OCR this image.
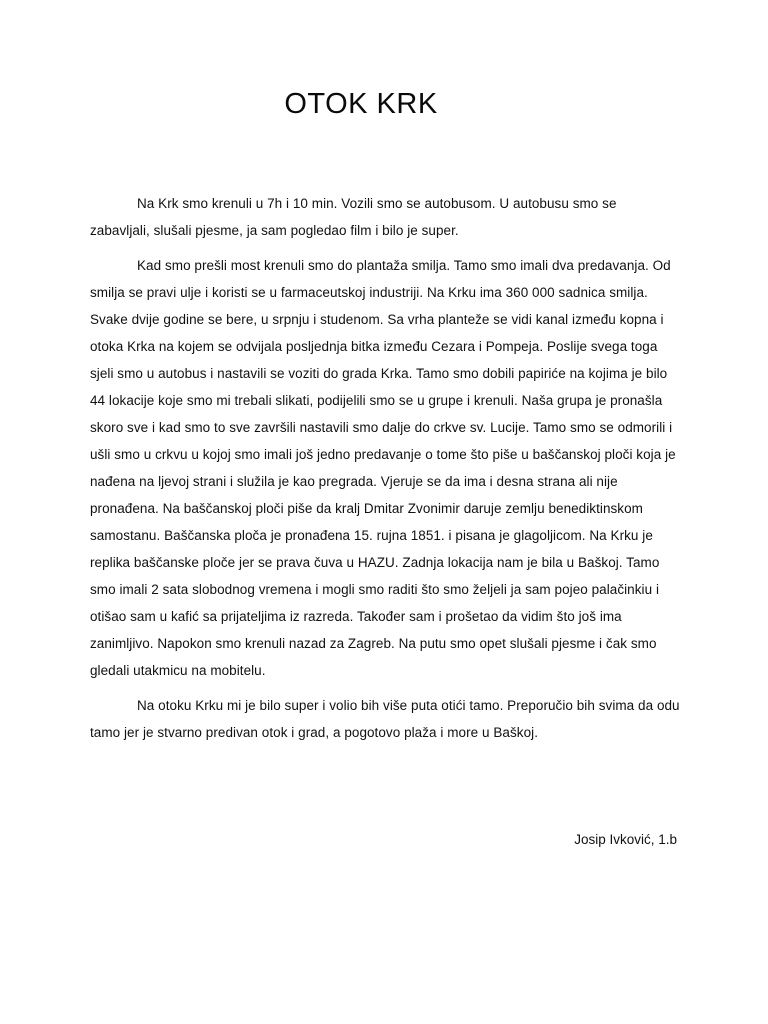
OTOK KRK

Na Krk smo krenuli u 7h i 10 min. Vozili smo se autobusom. U autobusu smo se zabavljali, slušali pjesme, ja sam pogledao film i bilo je super.

Kad smo prešli most krenuli smo do plantaža smilja. Tamo smo imali dva predavanja. Od smilja se pravi ulje i koristi se u farmaceutskoj industriji. Na Krku ima 360 000 sadnica smilja. Svake dvije godine se bere, u srpnju i studenom. Sa vrha planteže se vidi kanal između kopna i otoka Krka na kojem se odvijala posljednja bitka između Cezara i Pompeja. Poslije svega toga sjeli smo u autobus i nastavili se voziti do grada Krka. Tamo smo dobili papiriće na kojima je bilo 44 lokacije koje smo mi trebali slikati, podijelili smo se u grupe i krenuli. Naša grupa je pronašla skoro sve i kad smo to sve završili nastavili smo dalje do crkve sv. Lucije. Tamo smo se odmorili i ušli smo u crkvu u kojoj smo imali još jedno predavanje o tome što piše u baščanskoj ploči koja je nađena na ljevoj strani i služila je kao pregrada. Vjeruje se da ima i desna strana ali nije pronađena. Na baščanskoj ploči piše da kralj Dmitar Zvonimir daruje zemlju benediktinskom samostanu. Baščanska ploča je pronađena 15. rujna 1851. i pisana je glagoljicom. Na Krku je replika baščanske ploče jer se prava čuva u HAZU. Zadnja lokacija nam je bila u Baškoj. Tamo smo imali 2 sata slobodnog vremena i mogli smo raditi što smo željeli ja sam pojeo palačinkiu i otišao sam u kafić sa prijateljima iz razreda. Također sam i prošetao da vidim što još ima zanimljivo. Napokon smo krenuli nazad za Zagreb. Na putu smo opet slušali pjesme i čak smo gledali utakmicu na mobitelu.

Na otoku Krku mi je bilo super i volio bih više puta otići tamo. Preporučio bih svima da odu tamo jer je stvarno predivan otok i grad, a pogotovo plaža i more u Baškoj.

Josip Ivković, 1.b
